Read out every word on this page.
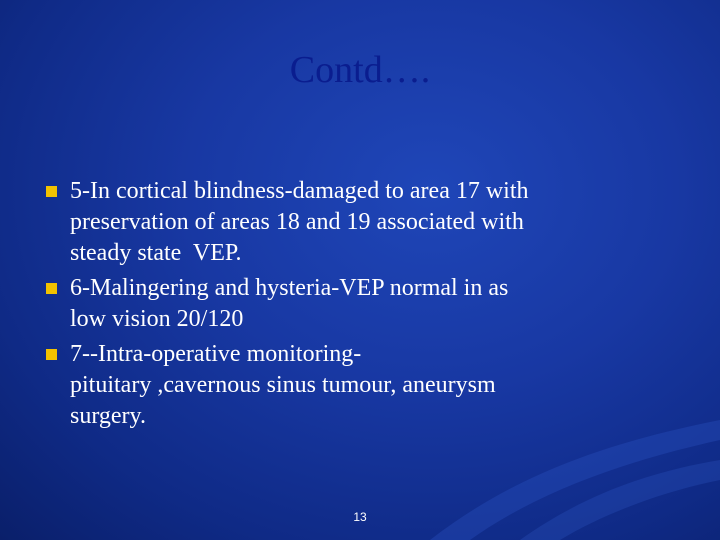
Contd….
5-In cortical blindness-damaged to area 17 with
preservation of areas 18 and 19 associated with
steady state  VEP.
6-Malingering and hysteria-VEP normal in as
low vision 20/120
7--Intra-operative monitoring-
pituitary ,cavernous sinus tumour, aneurysm
surgery.
13
